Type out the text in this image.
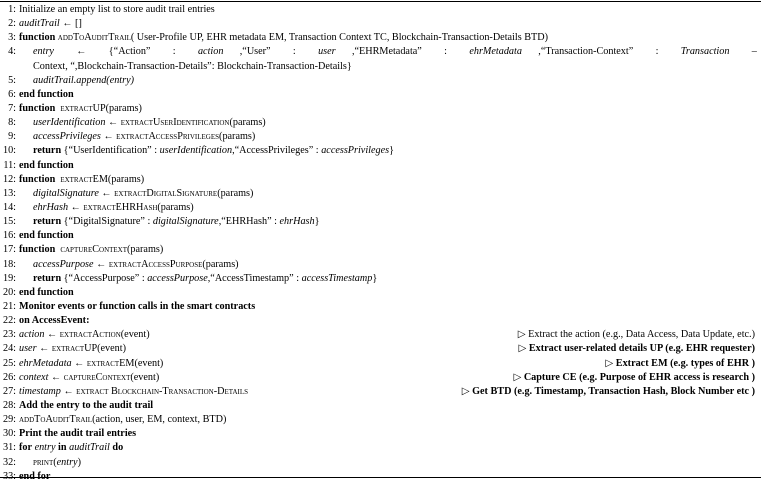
1: Initialize an empty list to store audit trail entries
2: auditTrail ← []
3: function addToAuditTrail( User-Profile UP, EHR metadata EM, Transaction Context TC, Blockchain-Transaction-Details BTD)
4: entry ← {“Action” : action ,“User” : user ,“EHRMetadata” : ehrMetadata ,“Transaction-Context” : Transaction –
Context, “,Blockchain-Transaction-Details”: Blockchain-Transaction-Details}
5: auditTrail.append(entry)
6: end function
7: function extractUP(params)
8: userIdentification ← extractUserIdentification(params)
9: accessPrivileges ← extractAccessPrivileges(params)
10: return {“UserIdentification” : userIdentification,“AccessPrivileges” : accessPrivileges}
11: end function
12: function extractEM(params)
13: digitalSignature ← extractDigitalSignature(params)
14: ehrHash ← extractEHRHash(params)
15: return {“DigitalSignature” : digitalSignature,“EHRHash” : ehrHash}
16: end function
17: function captureContext(params)
18: accessPurpose ← extractAccessPurpose(params)
19: return {“AccessPurpose” : accessPurpose,“AccessTimestamp” : accessTimestamp}
20: end function
21: Monitor events or function calls in the smart contracts
22: on AccessEvent:
23: action ← extractAction(event)	▷ Extract the action (e.g., Data Access, Data Update, etc.)
24: user ← extractUP(event)	▷ Extract user-related details UP (e.g. EHR requester)
25: ehrMetadata ← extractEM(event)	▷ Extract EM (e.g. types of EHR )
26: context ← captureContext(event)	▷ Capture CE (e.g. Purpose of EHR access is research )
27: timestamp ← extract Blockchain-Transaction-Details	▷ Get BTD (e.g. Timestamp, Transaction Hash, Block Number etc )
28: Add the entry to the audit trail
29: addToAuditTrail(action, user, EM, context, BTD)
30: Print the audit trail entries
31: for entry in auditTrail do
32: print(entry)
